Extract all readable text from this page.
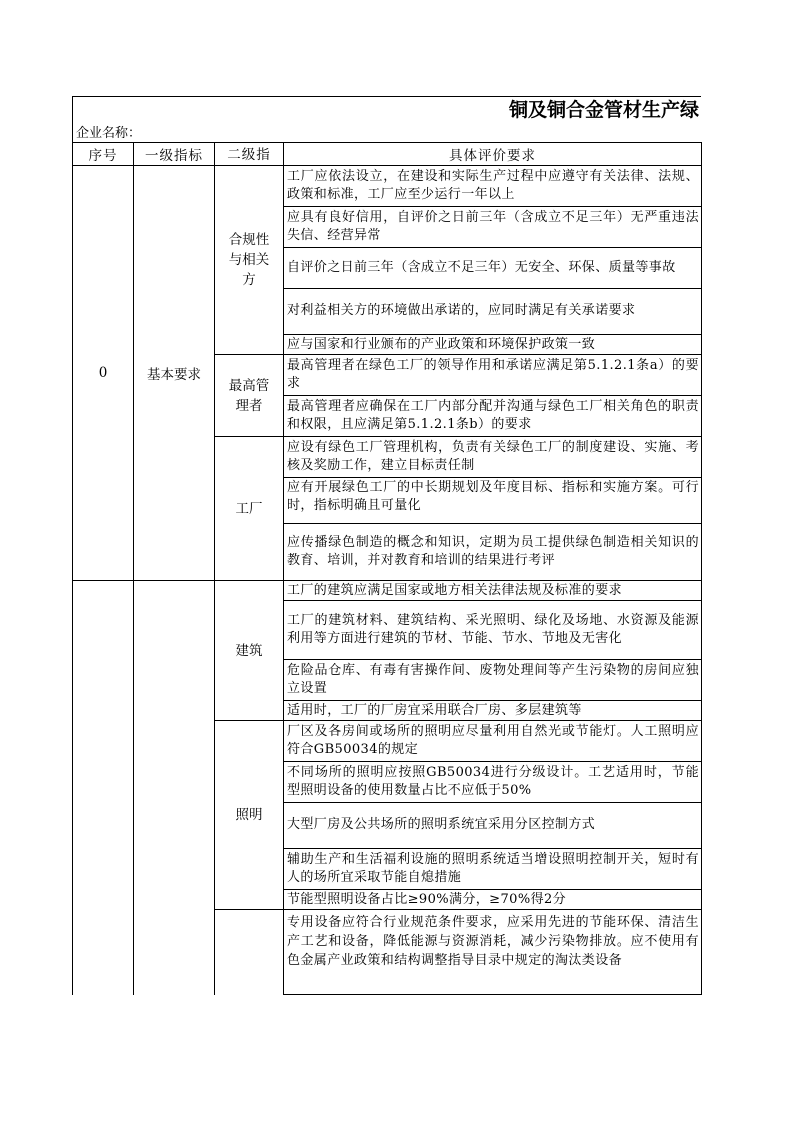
铜及铜合金管材生产绿
企业名称：
序号	一级指标	二级指	具体评价要求
0	基本要求	合规性与相关方	工厂应依法设立，在建设和实际生产过程中应遵守有关法律、法规、政策和标准，工厂应至少运行一年以上
			应具有良好信用，自评价之日前三年（含成立不足三年）无严重违法失信、经营异常
			自评价之日前三年（含成立不足三年）无安全、环保、质量等事故
			对利益相关方的环境做出承诺的，应同时满足有关承诺要求
			应与国家和行业颁布的产业政策和环境保护政策一致
		最高管理者	最高管理者在绿色工厂的领导作用和承诺应满足第5.1.2.1条a）的要求
			最高管理者应确保在工厂内部分配并沟通与绿色工厂相关角色的职责和权限，且应满足第5.1.2.1条b）的要求
		工厂	应设有绿色工厂管理机构，负责有关绿色工厂的制度建设、实施、考核及奖励工作，建立目标责任制
			应有开展绿色工厂的中长期规划及年度目标、指标和实施方案。可行时，指标明确且可量化
			应传播绿色制造的概念和知识，定期为员工提供绿色制造相关知识的教育、培训，并对教育和培训的结果进行考评
		建筑	工厂的建筑应满足国家或地方相关法律法规及标准的要求
			工厂的建筑材料、建筑结构、采光照明、绿化及场地、水资源及能源利用等方面进行建筑的节材、节能、节水、节地及无害化
			危险品仓库、有毒有害操作间、废物处理间等产生污染物的房间应独立设置
			适用时，工厂的厂房宜采用联合厂房、多层建筑等
		照明	厂区及各房间或场所的照明应尽量利用自然光或节能灯。人工照明应符合GB50034的规定
			不同场所的照明应按照GB50034进行分级设计。工艺适用时，节能型照明设备的使用数量占比不应低于50%
			大型厂房及公共场所的照明系统宜采用分区控制方式
			辅助生产和生活福利设施的照明系统适当增设照明控制开关，短时有人的场所宜采取节能自熄措施
			节能型照明设备占比≥90%满分，≥70%得2分
			专用设备应符合行业规范条件要求，应采用先进的节能环保、清洁生产工艺和设备，降低能源与资源消耗，减少污染物排放。应不使用有色金属产业政策和结构调整指导目录中规定的淘汰类设备
